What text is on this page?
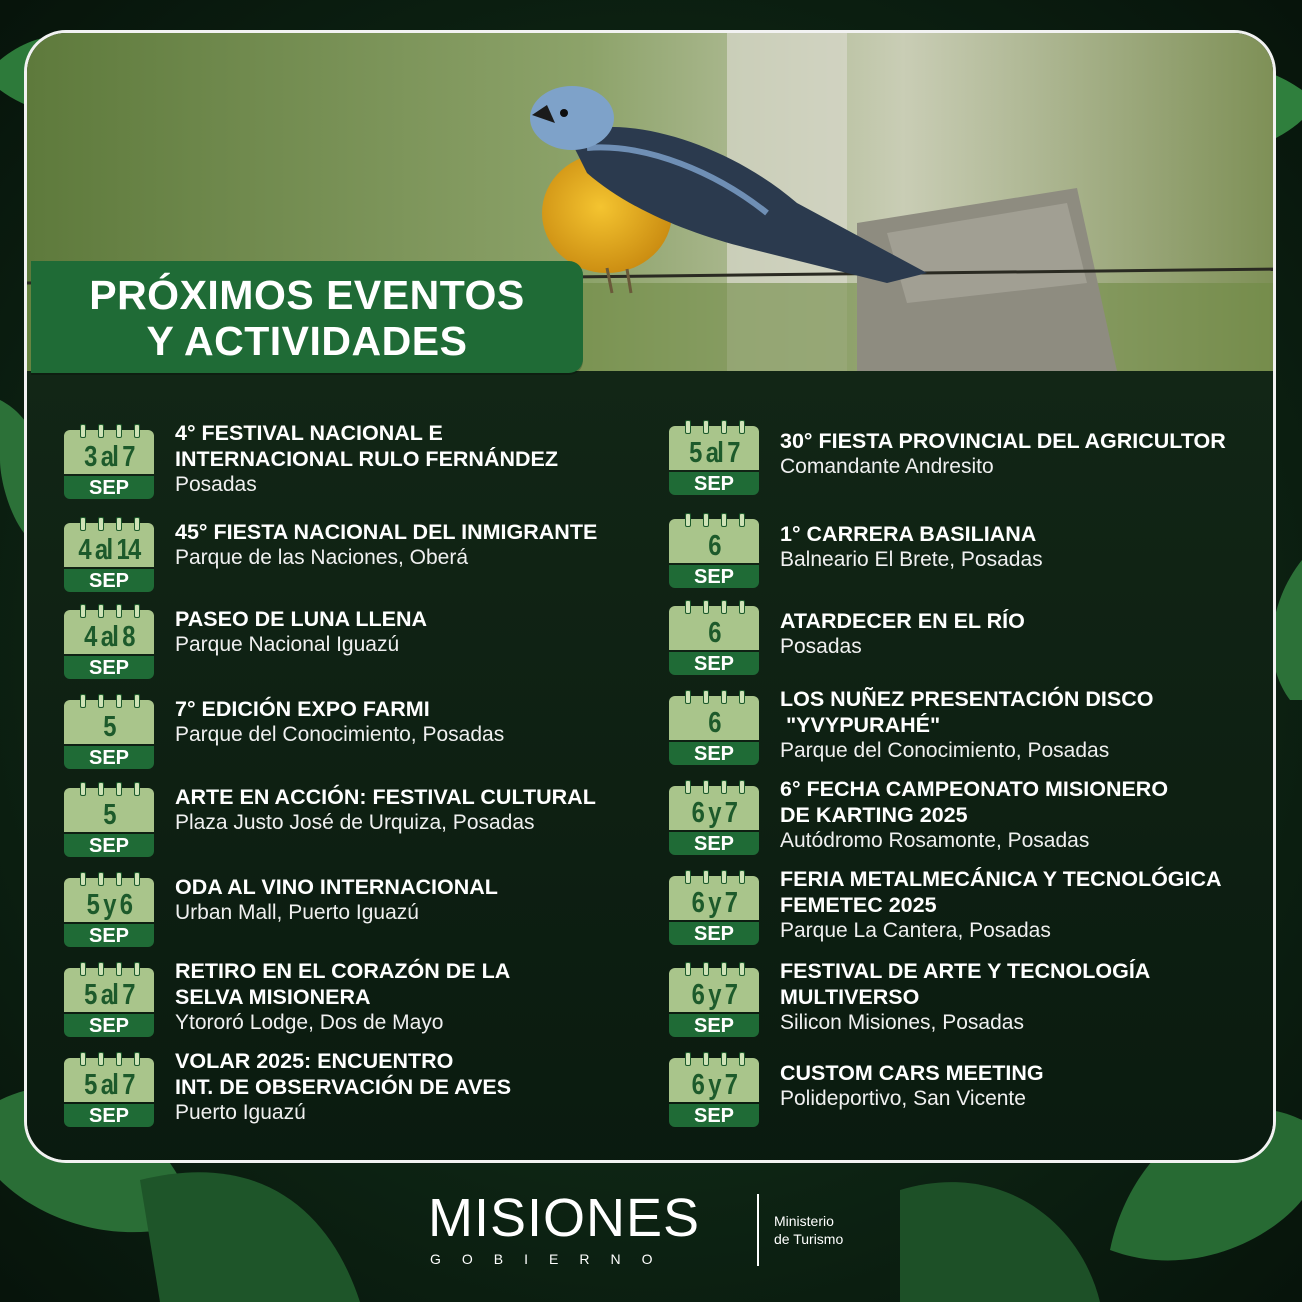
PRÓXIMOS EVENTOS
Y ACTIVIDADES
3 al 7
SEP
4° FESTIVAL NACIONAL E
INTERNACIONAL RULO FERNÁNDEZ
Posadas
4 al 14
SEP
45° FIESTA NACIONAL DEL INMIGRANTE
Parque de las Naciones, Oberá
4 al 8
SEP
PASEO DE LUNA LLENA
Parque Nacional Iguazú
5
SEP
7° EDICIÓN EXPO FARMI
Parque del Conocimiento, Posadas
5
SEP
ARTE EN ACCIÓN: FESTIVAL CULTURAL
Plaza Justo José de Urquiza, Posadas
5 y 6
SEP
ODA AL VINO INTERNACIONAL
Urban Mall, Puerto Iguazú
5 al 7
SEP
RETIRO EN EL CORAZÓN DE LA
SELVA MISIONERA
Ytororó Lodge, Dos de Mayo
5 al 7
SEP
VOLAR 2025: ENCUENTRO
INT. DE OBSERVACIÓN DE AVES
Puerto Iguazú
5 al 7
SEP
30° FIESTA PROVINCIAL DEL AGRICULTOR
Comandante Andresito
6
SEP
1° CARRERA BASILIANA
Balneario El Brete, Posadas
6
SEP
ATARDECER EN EL RÍO
Posadas
6
SEP
LOS NUÑEZ PRESENTACIÓN DISCO
"YVYPURAHÉ"
Parque del Conocimiento, Posadas
6 y 7
SEP
6° FECHA CAMPEONATO MISIONERO
DE KARTING 2025
Autódromo Rosamonte, Posadas
6 y 7
SEP
FERIA METALMECÁNICA Y TECNOLÓGICA
FEMETEC 2025
Parque La Cantera, Posadas
6 y 7
SEP
FESTIVAL DE ARTE Y TECNOLOGÍA
MULTIVERSO
Silicon Misiones, Posadas
6 y 7
SEP
CUSTOM CARS MEETING
Polideportivo, San Vicente
MISIONES
GOBIERNO
Ministerio
de Turismo
